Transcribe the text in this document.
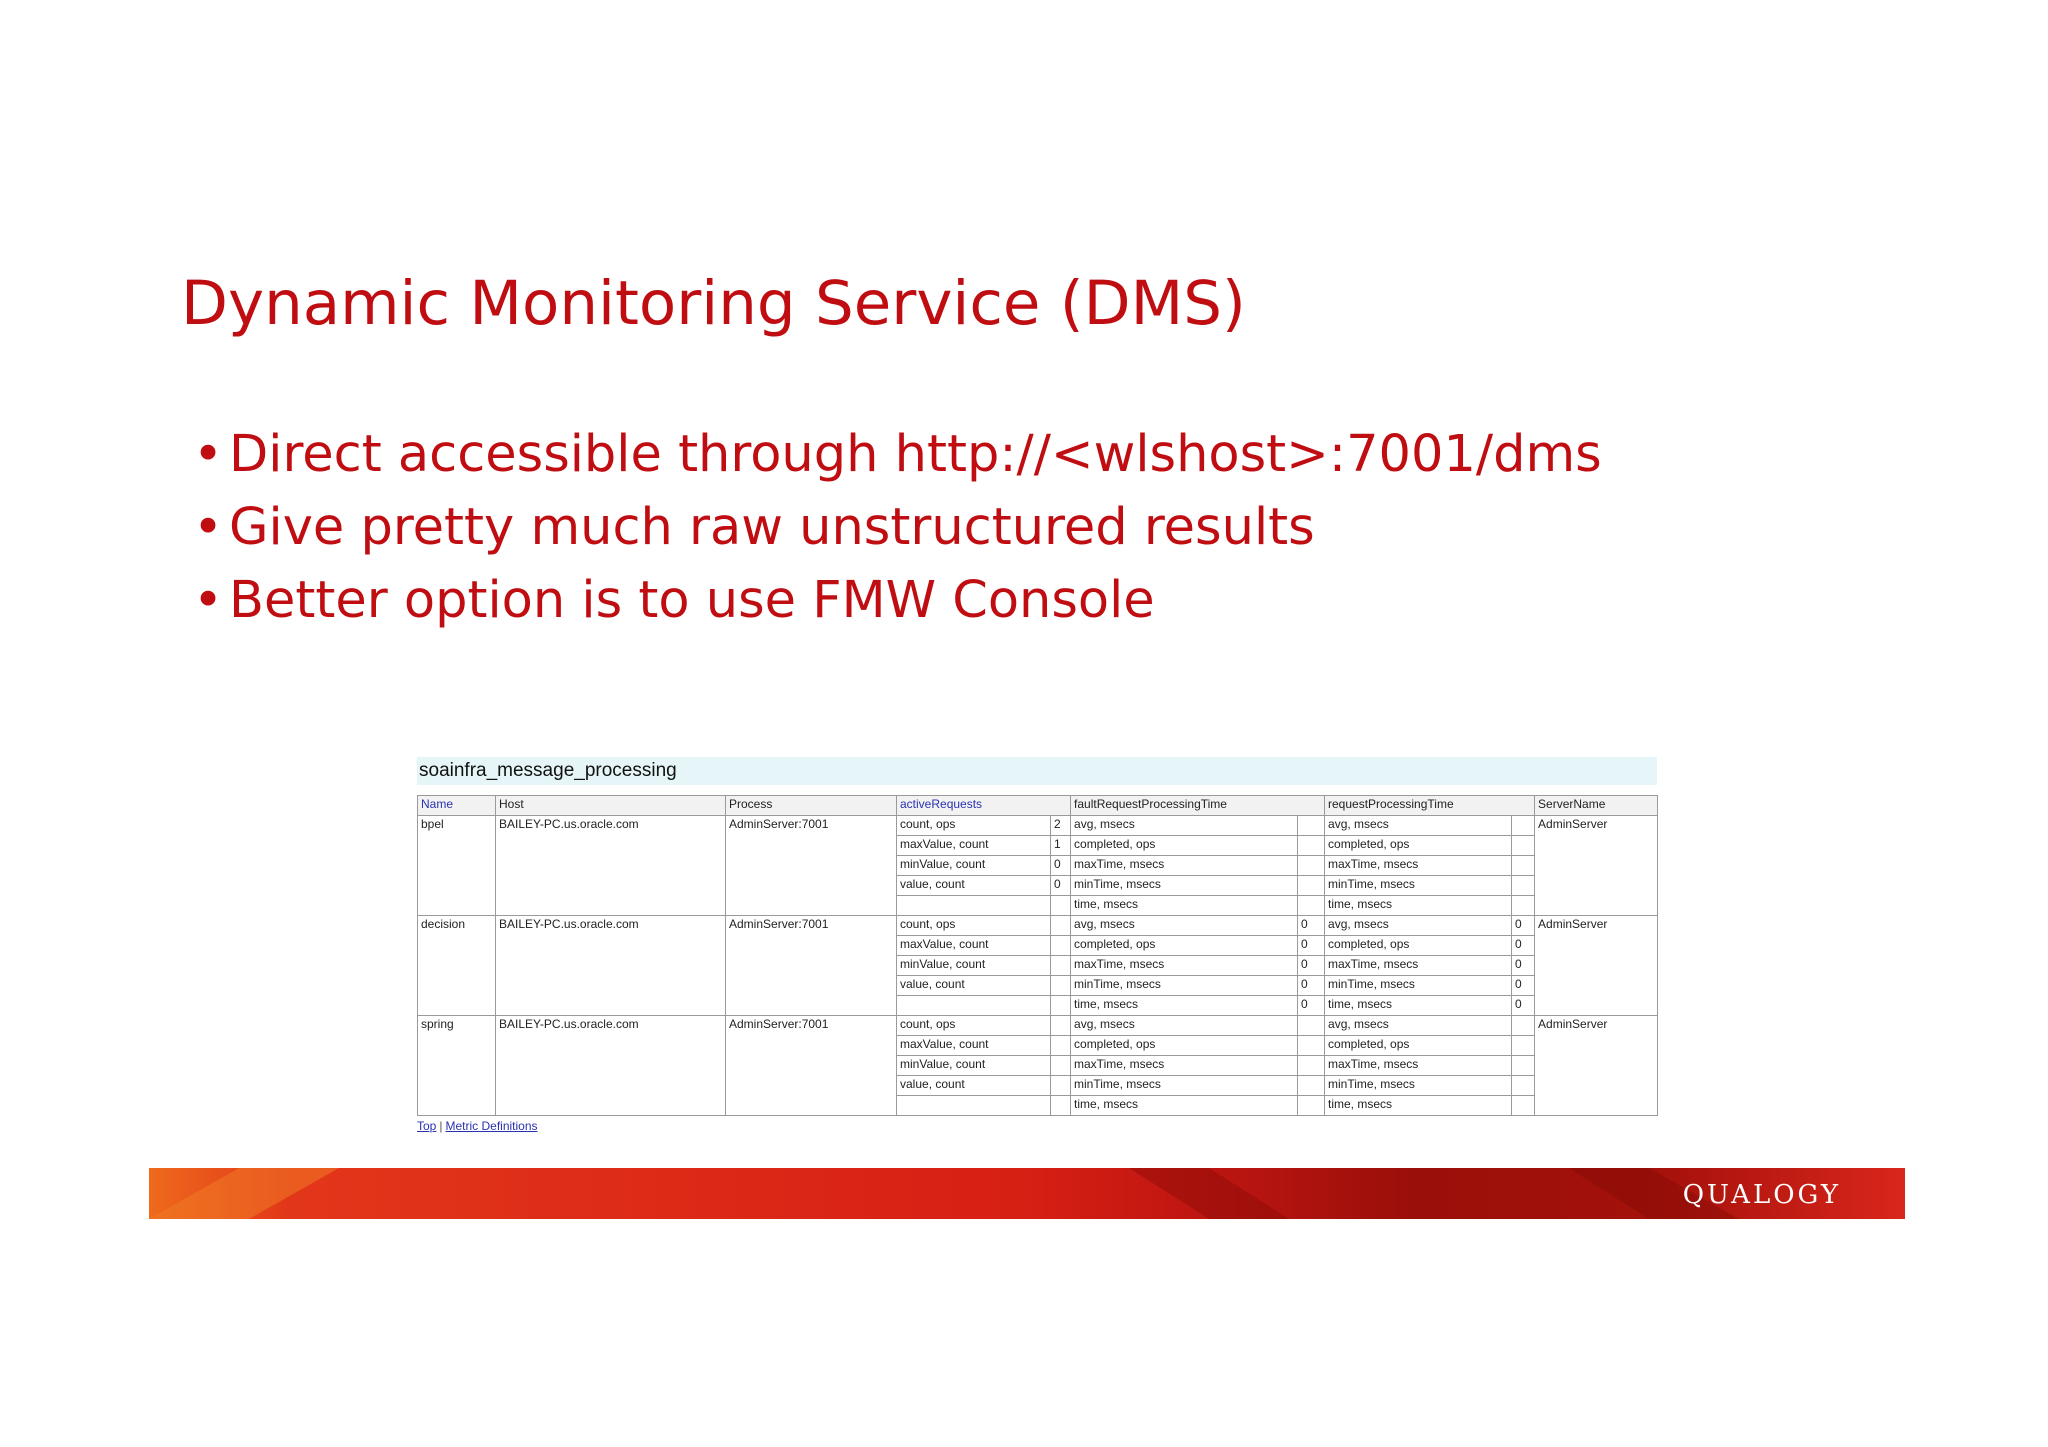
Dynamic Monitoring Service (DMS)
• Direct accessible through http://<wlshost>:7001/dms
• Give pretty much raw unstructured results
• Better option is to use FMW Console
soainfra_message_processing
Name	Host	Process	activeRequests		faultRequestProcessingTime		requestProcessingTime		ServerName
bpel	BAILEY-PC.us.oracle.com	AdminServer:7001	count, ops	2	avg, msecs		avg, msecs		AdminServer
			maxValue, count	1	completed, ops		completed, ops		
			minValue, count	0	maxTime, msecs		maxTime, msecs		
			value, count	0	minTime, msecs		minTime, msecs		
					time, msecs		time, msecs		
decision	BAILEY-PC.us.oracle.com	AdminServer:7001	count, ops		avg, msecs	0	avg, msecs	0	AdminServer
			maxValue, count		completed, ops	0	completed, ops	0	
			minValue, count		maxTime, msecs	0	maxTime, msecs	0	
			value, count		minTime, msecs	0	minTime, msecs	0	
					time, msecs	0	time, msecs	0	
spring	BAILEY-PC.us.oracle.com	AdminServer:7001	count, ops		avg, msecs		avg, msecs		AdminServer
			maxValue, count		completed, ops		completed, ops		
			minValue, count		maxTime, msecs		maxTime, msecs		
			value, count		minTime, msecs		minTime, msecs		
					time, msecs		time, msecs		
Top | Metric Definitions
QUALOGY
